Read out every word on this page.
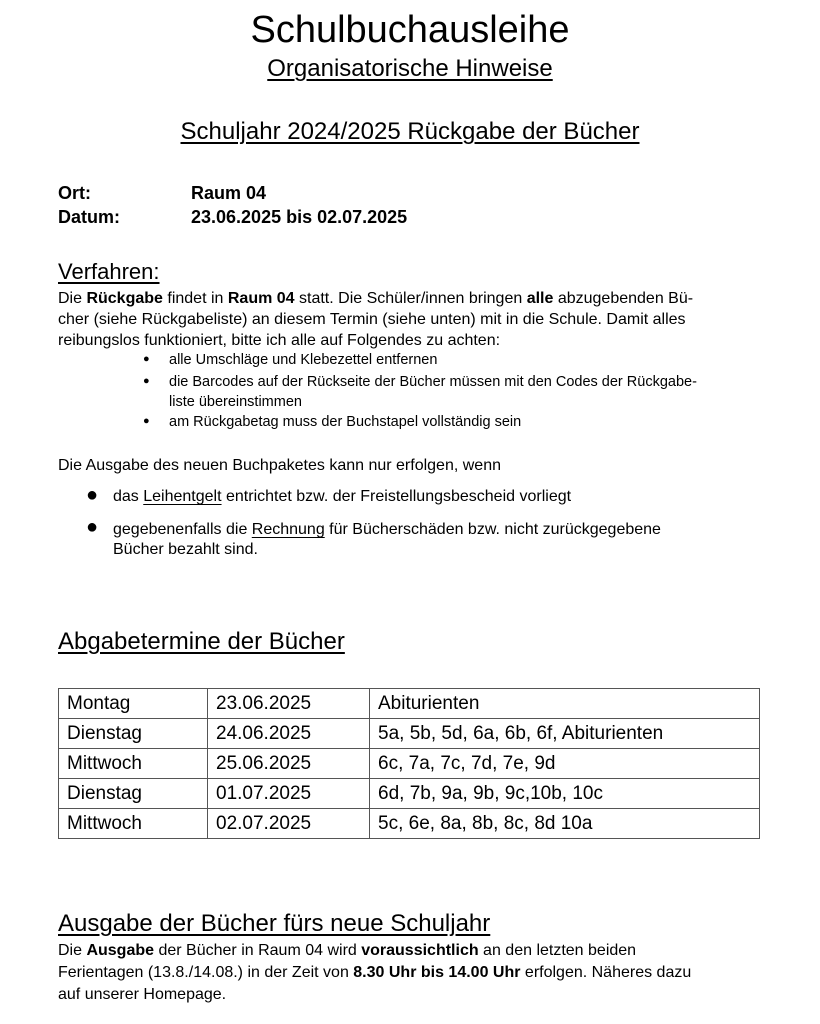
Schulbuchausleihe
Organisatorische Hinweise
Schuljahr 2024/2025 Rückgabe der Bücher
Ort:	Raum 04
Datum:	23.06.2025 bis 02.07.2025
Verfahren:
Die Rückgabe findet in Raum 04 statt. Die Schüler/innen bringen alle abzugebenden Bü-
cher (siehe Rückgabeliste) an diesem Termin (siehe unten) mit in die Schule. Damit alles
reibungslos funktioniert, bitte ich alle auf Folgendes zu achten:
● alle Umschläge und Klebezettel entfernen
● die Barcodes auf der Rückseite der Bücher müssen mit den Codes der Rückgabe-
liste übereinstimmen
● am Rückgabetag muss der Buchstapel vollständig sein
Die Ausgabe des neuen Buchpaketes kann nur erfolgen, wenn
● das Leihentgelt entrichtet bzw. der Freistellungsbescheid vorliegt
● gegebenenfalls die Rechnung für Bücherschäden bzw. nicht zurückgegebene
Bücher bezahlt sind.
Abgabetermine der Bücher
Montag	23.06.2025	Abiturienten
Dienstag	24.06.2025	5a, 5b, 5d, 6a, 6b, 6f, Abiturienten
Mittwoch	25.06.2025	6c, 7a, 7c, 7d, 7e, 9d
Dienstag	01.07.2025	6d, 7b, 9a, 9b, 9c,10b, 10c
Mittwoch	02.07.2025	5c, 6e, 8a, 8b, 8c, 8d 10a
Ausgabe der Bücher fürs neue Schuljahr
Die Ausgabe der Bücher in Raum 04 wird voraussichtlich an den letzten beiden
Ferientagen (13.8./14.08.) in der Zeit von 8.30 Uhr bis 14.00 Uhr erfolgen. Näheres dazu
auf unserer Homepage.
